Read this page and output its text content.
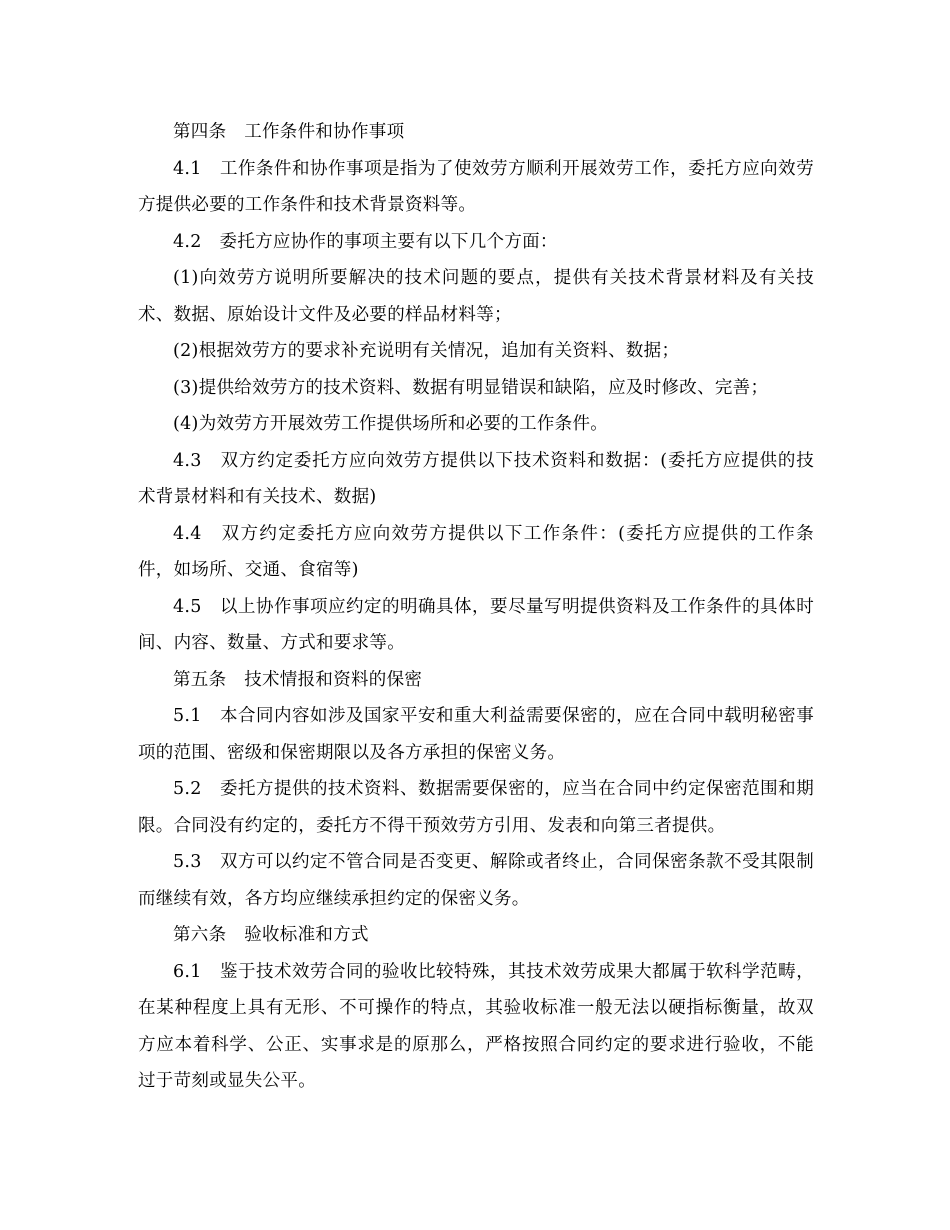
第四条　工作条件和协作事项

4.1　工作条件和协作事项是指为了使效劳方顺利开展效劳工作，委托方应向效劳方提供必要的工作条件和技术背景资料等。

4.2　委托方应协作的事项主要有以下几个方面：

(1)向效劳方说明所要解决的技术问题的要点，提供有关技术背景材料及有关技术、数据、原始设计文件及必要的样品材料等；

(2)根据效劳方的要求补充说明有关情况，追加有关资料、数据；

(3)提供给效劳方的技术资料、数据有明显错误和缺陷，应及时修改、完善；

(4)为效劳方开展效劳工作提供场所和必要的工作条件。

4.3　双方约定委托方应向效劳方提供以下技术资料和数据：(委托方应提供的技术背景材料和有关技术、数据)

4.4　双方约定委托方应向效劳方提供以下工作条件：(委托方应提供的工作条件，如场所、交通、食宿等)

4.5　以上协作事项应约定的明确具体，要尽量写明提供资料及工作条件的具体时间、内容、数量、方式和要求等。

第五条　技术情报和资料的保密

5.1　本合同内容如涉及国家平安和重大利益需要保密的，应在合同中载明秘密事项的范围、密级和保密期限以及各方承担的保密义务。

5.2　委托方提供的技术资料、数据需要保密的，应当在合同中约定保密范围和期限。合同没有约定的，委托方不得干预效劳方引用、发表和向第三者提供。

5.3　双方可以约定不管合同是否变更、解除或者终止，合同保密条款不受其限制而继续有效，各方均应继续承担约定的保密义务。

第六条　验收标准和方式

6.1　鉴于技术效劳合同的验收比较特殊，其技术效劳成果大都属于软科学范畴，在某种程度上具有无形、不可操作的特点，其验收标准一般无法以硬指标衡量，故双方应本着科学、公正、实事求是的原那么，严格按照合同约定的要求进行验收，不能过于苛刻或显失公平。
